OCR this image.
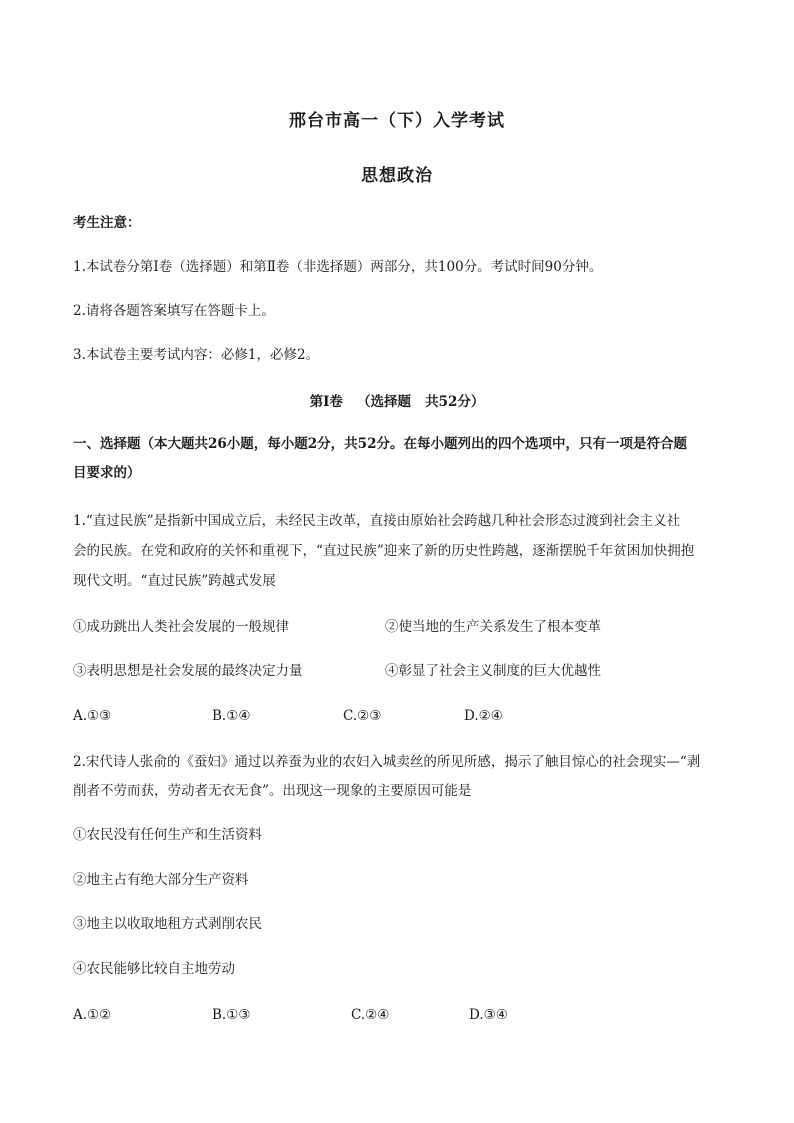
邢台市高一（下）入学考试
思想政治
考生注意：
1.本试卷分第Ⅰ卷（选择题）和第Ⅱ卷（非选择题）两部分，共100分。考试时间90分钟。
2.请将各题答案填写在答题卡上。
3.本试卷主要考试内容：必修1，必修2。
第Ⅰ卷   （选择题   共52分）
一、选择题（本大题共26小题，每小题2分，共52分。在每小题列出的四个选项中，只有一项是符合题
目要求的）
1.“直过民族”是指新中国成立后，未经民主改革，直接由原始社会跨越几种社会形态过渡到社会主义社
会的民族。在党和政府的关怀和重视下，“直过民族”迎来了新的历史性跨越，逐渐摆脱千年贫困加快拥抱
现代文明。“直过民族”跨越式发展
①成功跳出人类社会发展的一般规律	②使当地的生产关系发生了根本变革
③表明思想是社会发展的最终决定力量	④彰显了社会主义制度的巨大优越性
A.①③	B.①④	C.②③	D.②④
2.宋代诗人张俞的《蚕妇》通过以养蚕为业的农妇入城卖丝的所见所感，揭示了触目惊心的社会现实—“剥
削者不劳而获，劳动者无衣无食”。出现这一现象的主要原因可能是
①农民没有任何生产和生活资料
②地主占有绝大部分生产资料
③地主以收取地租方式剥削农民
④农民能够比较自主地劳动
A.①②	B.①③	C.②④	D.③④
